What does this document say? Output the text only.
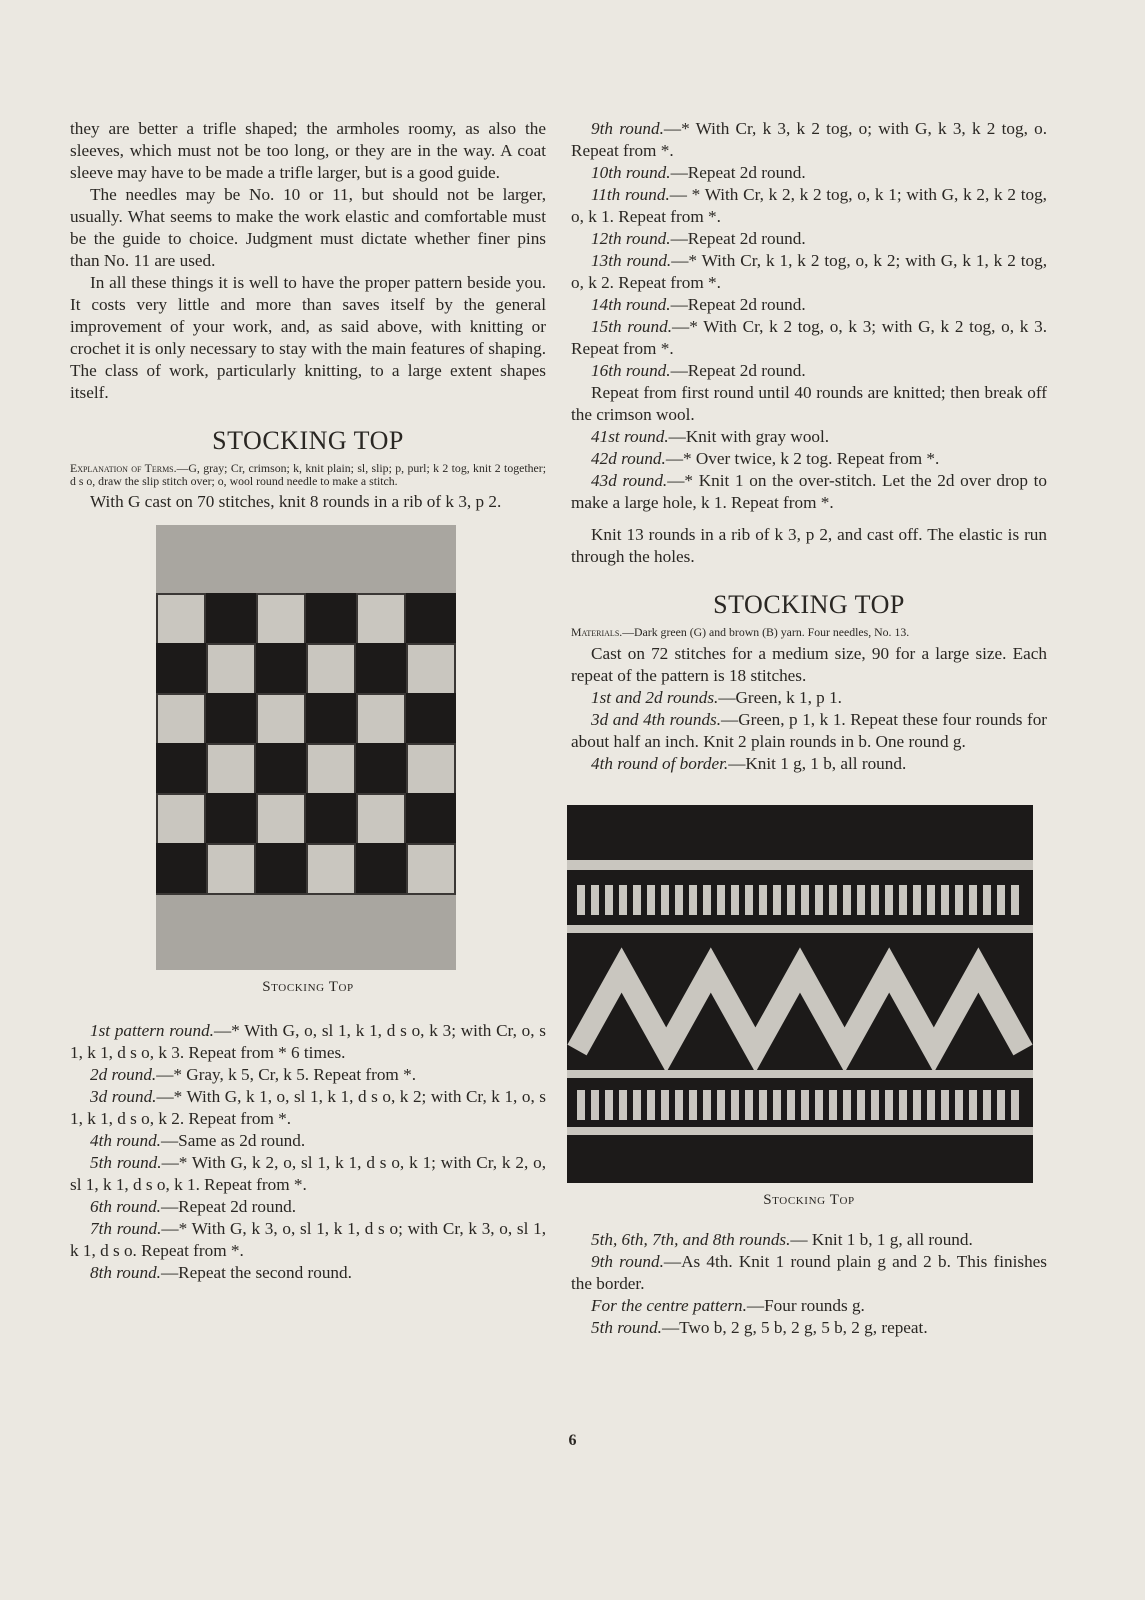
they are better a trifle shaped; the armholes roomy, as also the sleeves, which must not be too long, or they are in the way. A coat sleeve may have to be made a trifle larger, but is a good guide.

The needles may be No. 10 or 11, but should not be larger, usually. What seems to make the work elastic and comfortable must be the guide to choice. Judgment must dictate whether finer pins than No. 11 are used.

In all these things it is well to have the proper pattern beside you. It costs very little and more than saves itself by the general improvement of your work, and, as said above, with knitting or crochet it is only necessary to stay with the main features of shaping. The class of work, particularly knitting, to a large extent shapes itself.

STOCKING TOP

Explanation of Terms.—G, gray; Cr, crimson; k, knit plain; sl, slip; p, purl; k 2 tog, knit 2 together; d s o, draw the slip stitch over; o, wool round needle to make a stitch.

With G cast on 70 stitches, knit 8 rounds in a rib of k 3, p 2.

Stocking Top

1st pattern round.—* With G, o, sl 1, k 1, d s o, k 3; with Cr, o, s 1, k 1, d s o, k 3. Repeat from * 6 times.

2d round.—* Gray, k 5, Cr, k 5. Repeat from *.

3d round.—* With G, k 1, o, sl 1, k 1, d s o, k 2; with Cr, k 1, o, s 1, k 1, d s o, k 2. Repeat from *.

4th round.—Same as 2d round.

5th round.—* With G, k 2, o, sl 1, k 1, d s o, k 1; with Cr, k 2, o, sl 1, k 1, d s o, k 1. Repeat from *.

6th round.—Repeat 2d round.

7th round.—* With G, k 3, o, sl 1, k 1, d s o; with Cr, k 3, o, sl 1, k 1, d s o. Repeat from *.

8th round.—Repeat the second round.

9th round.—* With Cr, k 3, k 2 tog, o; with G, k 3, k 2 tog, o. Repeat from *.

10th round.—Repeat 2d round.

11th round.— * With Cr, k 2, k 2 tog, o, k 1; with G, k 2, k 2 tog, o, k 1. Repeat from *.

12th round.—Repeat 2d round.

13th round.—* With Cr, k 1, k 2 tog, o, k 2; with G, k 1, k 2 tog, o, k 2. Repeat from *.

14th round.—Repeat 2d round.

15th round.—* With Cr, k 2 tog, o, k 3; with G, k 2 tog, o, k 3. Repeat from *.

16th round.—Repeat 2d round.

Repeat from first round until 40 rounds are knitted; then break off the crimson wool.

41st round.—Knit with gray wool.

42d round.—* Over twice, k 2 tog. Repeat from *.

43d round.—* Knit 1 on the over-stitch. Let the 2d over drop to make a large hole, k 1. Repeat from *.

Knit 13 rounds in a rib of k 3, p 2, and cast off. The elastic is run through the holes.

STOCKING TOP

Materials.—Dark green (G) and brown (B) yarn. Four needles, No. 13.

Cast on 72 stitches for a medium size, 90 for a large size. Each repeat of the pattern is 18 stitches.

1st and 2d rounds.—Green, k 1, p 1.

3d and 4th rounds.—Green, p 1, k 1. Repeat these four rounds for about half an inch. Knit 2 plain rounds in b. One round g.

4th round of border.—Knit 1 g, 1 b, all round.

Stocking Top

5th, 6th, 7th, and 8th rounds.— Knit 1 b, 1 g, all round.

9th round.—As 4th. Knit 1 round plain g and 2 b. This finishes the border.

For the centre pattern.—Four rounds g.

5th round.—Two b, 2 g, 5 b, 2 g, 5 b, 2 g, repeat.

6
